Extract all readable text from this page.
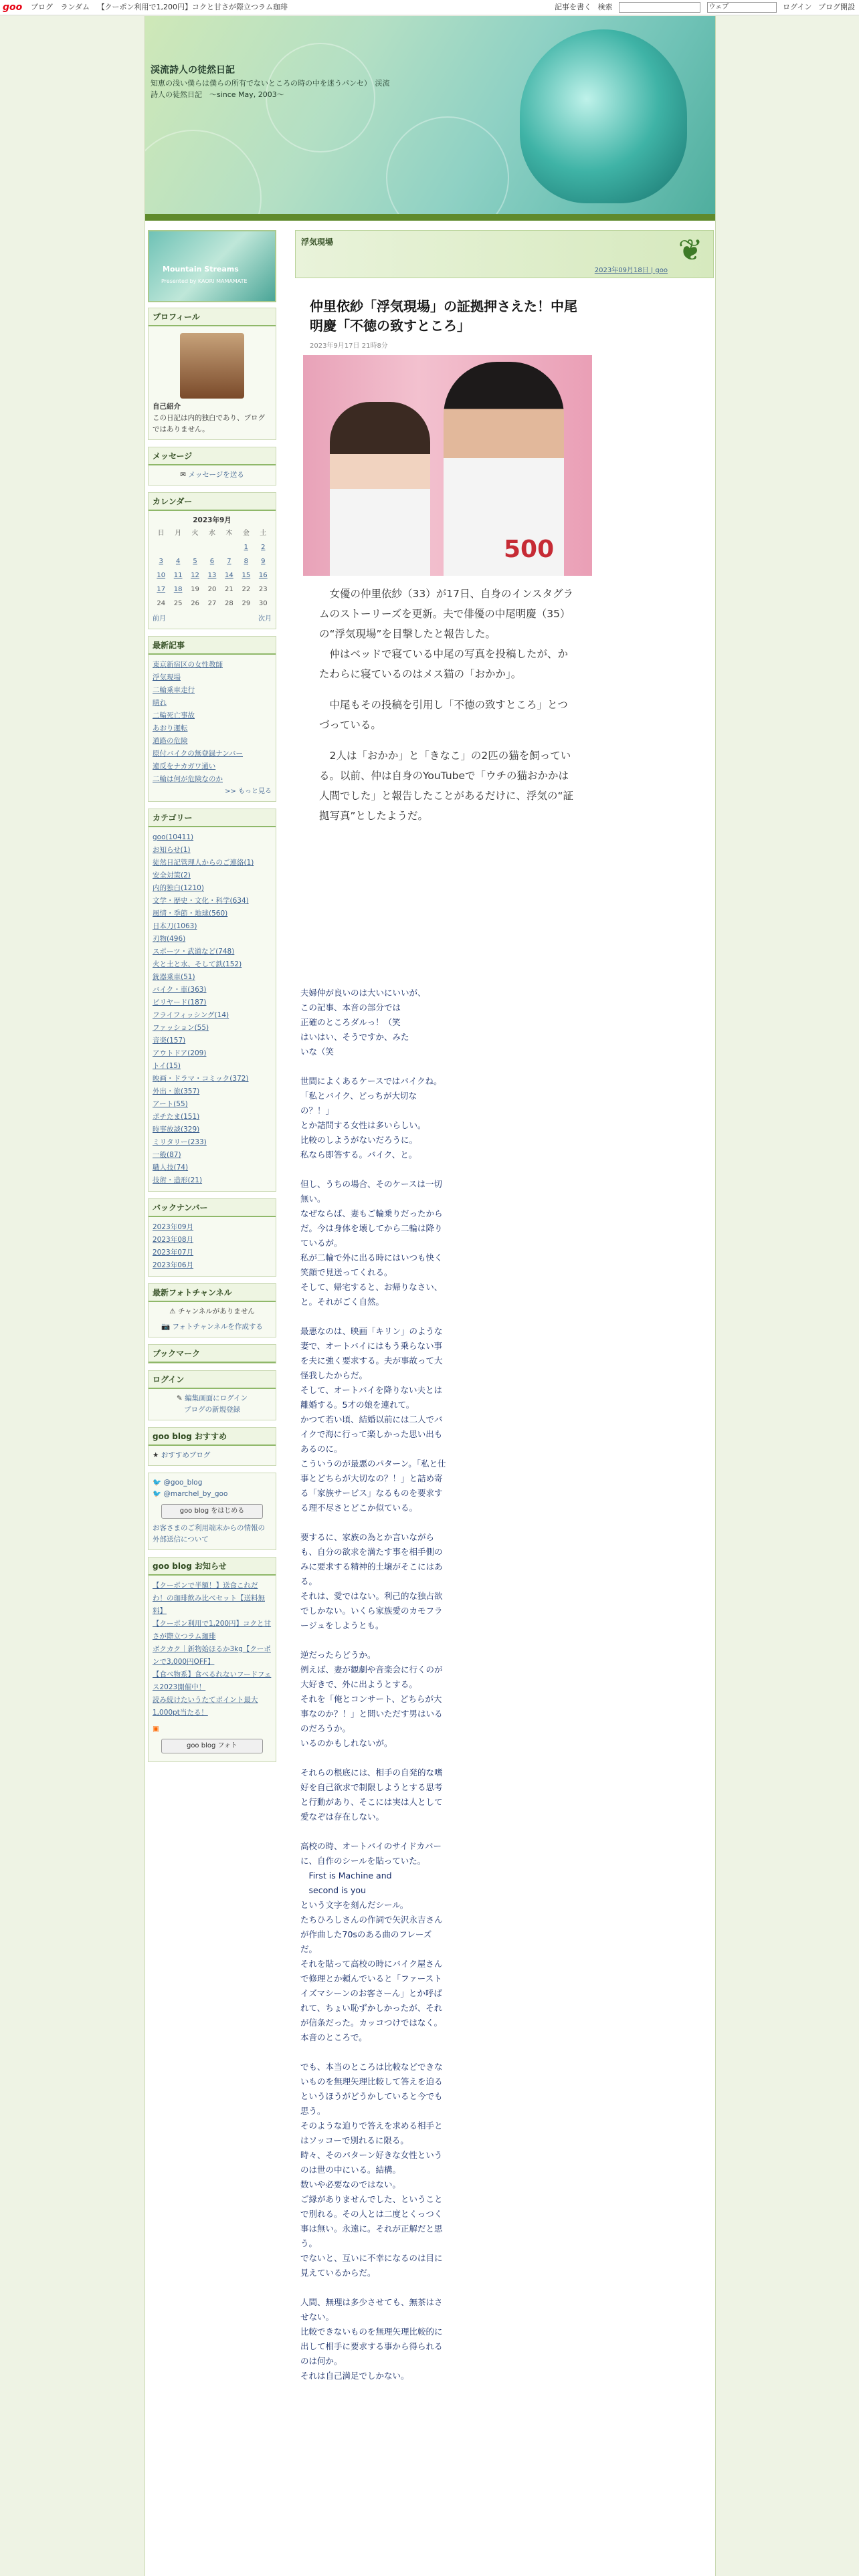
goo	ブログ ランダム 【クーポン利用で1,200円】コクと甘さが際立つラム珈琲	記事を書く 検索	ウェブ	ログイン ブログ開設
渓流詩人の徒然日記
知恵の浅い僕らは僕らの所有でないところの時の中を迷うパンセ）　渓流詩人の徒然日記　〜since May, 2003〜
Mountain Streams
Presented by KAORI MAMAMATE
プロフィール
自己紹介
この日記は内的独白であり、ブログではありません。
メッセージ
✉ メッセージを送る
カレンダー
2023年9月
日	月	火	水	木	金	土
					1	2
3	4	5	6	7	8	9
10	11	12	13	14	15	16
17	18	19	20	21	22	23
24	25	26	27	28	29	30
前月	次月
最新記事
東京新宿区の女性教師
浮気現場
二輪乗車走行
晴れ
二輪死亡事故
あおり運転
道路の危険
原付バイクの無登録ナンバー
違反をナカガワ通い
二輪は何が危険なのか
>> もっと見る
カテゴリー
goo(10411)
お知らせ(1)
徒然日記管理人からのご連絡(1)
安全対策(2)
内的独白(1210)
文学・歴史・文化・科学(634)
風情・季節・地球(560)
日本刀(1063)
刃物(496)
スポーツ・武道など(748)
火と土と水、そして鉄(152)
銃器乗車(51)
バイク・車(363)
ビリヤード(187)
フライフィッシング(14)
ファッション(55)
音楽(157)
アウトドア(209)
トイ(15)
映画・ドラマ・コミック(372)
外出・旅(357)
アート(55)
ポチたま(151)
時事放談(329)
ミリタリー(233)
一般(87)
職人技(74)
技術・造形(21)
バックナンバー
2023年09月
2023年08月
2023年07月
2023年06月
最新フォトチャンネル
⚠ チャンネルがありません
📷 フォトチャンネルを作成する
ブックマーク
ログイン
✎ 編集画面にログイン
ブログの新規登録
goo blog おすすめ
★ おすすめブログ
🐦 @goo_blog
🐦 @marchel_by_goo
goo blog をはじめる
お客さまのご利用端末からの情報の外部送信について
goo blog お知らせ
【クーポンで半額！】送食これだわ！の珈琲飲み比べセット【送料無料】
【クーポン利用で1,200円】コクと甘さが際立つラム珈琲
ボクカク｜新物始ほるか3kg【クーポンで3,000円OFF】
【食べ物系】食べるれないフードフェス2023開催中！
読み続けたいうたてポイント最大1,000pt当たる！
▣
goo blog フォト
浮気現場
2023年09月18日 | goo
❦
仲里依紗「浮気現場」の証拠押さえた！中尾明慶「不徳の致すところ」
2023年9月17日 21時8分
500

　女優の仲里依紗（33）が17日、自身のインスタグラムのストーリーズを更新。夫で俳優の中尾明慶（35）の“浮気現場”を目撃したと報告した。
　仲はベッドで寝ている中尾の写真を投稿したが、かたわらに寝ているのはメス猫の「おかか」。

　中尾もその投稿を引用し「不徳の致すところ」とつづっている。

　2人は「おかか」と「きなこ」の2匹の猫を飼っている。以前、仲は自身のYouTubeで「ウチの猫おかかは人間でした」と報告したことがあるだけに、浮気の“証拠写真”としたようだ。

夫婦仲が良いのは大いにいいが、
この記事、本音の部分では
正確のところダルっ！（笑
はいはい、そうですか、みた
いな（笑

世間によくあるケースではバイクね。
「私とバイク、どっちが大切なの？！」
とか詰問する女性は多いらしい。
比較のしようがないだろうに。
私なら即答する。バイク、と。

但し、うちの場合、そのケースは一切無い。
なぜならば、妻もご輪乗りだったからだ。今は身体を壊してから二輪は降りているが。
私が二輪で外に出る時にはいつも快く笑顔で見送ってくれる。
そして、帰宅すると、お帰りなさい、と。それがごく自然。

最悪なのは、映画「キリン」のような妻で、オートバイにはもう乗らない事を夫に強く要求する。夫が事故って大怪我したからだ。
そして、オートバイを降りない夫とは離婚する。5才の娘を連れて。
かつて若い頃、結婚以前には二人でバイクで海に行って楽しかった思い出もあるのに。
こういうのが最悪のパターン。「私と仕事とどちらが大切なの？！」と詰め寄る「家族サービス」なるものを要求する理不尽さとどこか似ている。

要するに、家族の為とか言いながらも、自分の欲求を満たす事を相手側のみに要求する精神的土壌がそこにはある。
それは、愛ではない。利己的な独占欲でしかない。いくら家族愛のカモフラージュをしようとも。

逆だったらどうか。
例えば、妻が観劇や音楽会に行くのが大好きで、外に出ようとする。
それを「俺とコンサート、どちらが大事なのか？！」と問いただす男はいるのだろうか。
いるのかもしれないが。

それらの根底には、相手の自発的な嗜好を自己欲求で制限しようとする思考と行動があり、そこには実は人として愛なぞは存在しない。

高校の時、オートバイのサイドカバーに、自作のシールを貼っていた。
　First is Machine and
　second is you
という文字を刻んだシール。
たちひろしさんの作詞で矢沢永吉さんが作曲した70sのある曲のフレーズだ。
それを貼って高校の時にバイク屋さんで修理とか頼んでいると「ファーストイズマシーンのお客さーん」とか呼ばれて、ちょい恥ずかしかったが、それが信条だった。カッコつけではなく。本音のところで。

でも、本当のところは比較などできないものを無理矢理比較して答えを迫るというほうがどうかしていると今でも思う。
そのような迫りで答えを求める相手とはソッコーで別れるに限る。
時々、そのパターン好きな女性というのは世の中にいる。結構。
数いや必要なのではない。
ご縁がありませんでした、ということで別れる。その人とは二度とくっつく事は無い。永遠に。それが正解だと思う。
でないと、互いに不幸になるのは目に見えているからだ。

人間、無理は多少させても、無茶はさせない。
比較できないものを無理矢理比較的に出して相手に要求する事から得られるのは何か。
それは自己満足でしかない。
